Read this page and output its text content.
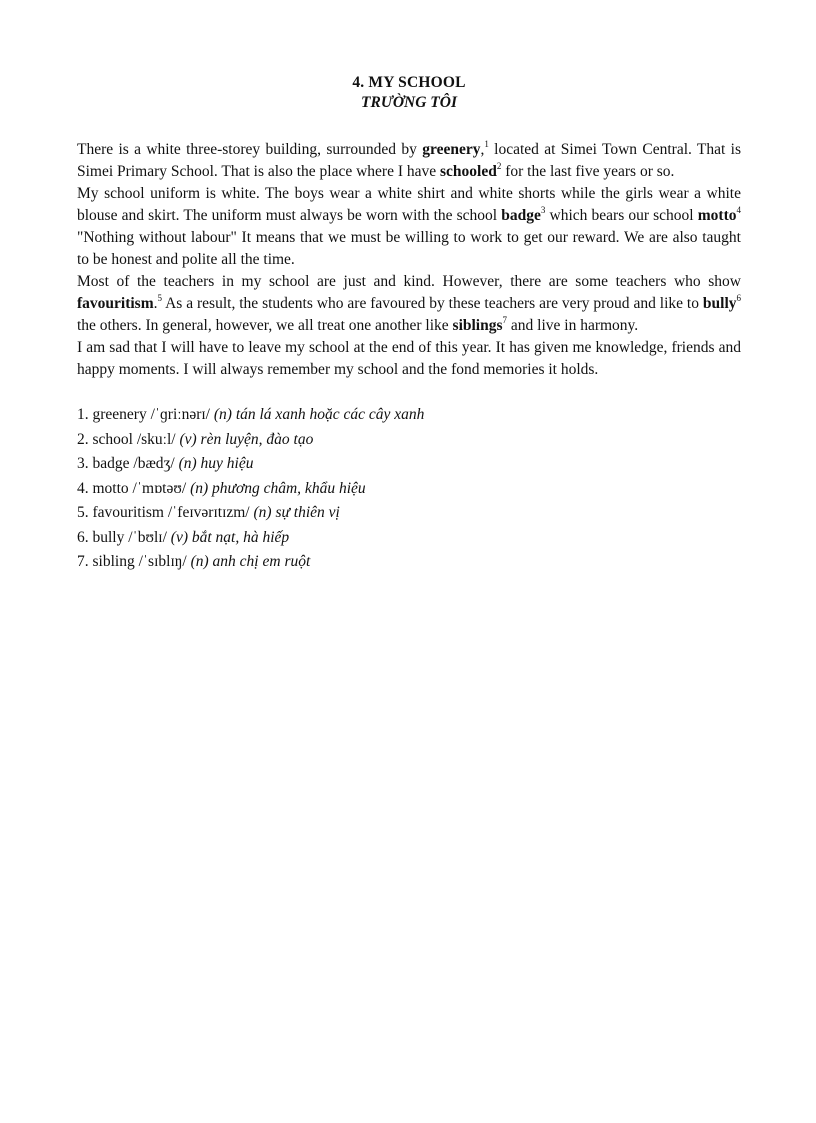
4. MY SCHOOL
TRƯỜNG TÔI

There is a white three-storey building, surrounded by greenery,$^1$ located at Simei Town Central. That is Simei Primary School. That is also the place where I have schooled$^2$ for the last five years or so.

My school uniform is white. The boys wear a white shirt and white shorts while the girls wear a white blouse and skirt. The uniform must always be worn with the school badge$^3$ which bears our school motto$^4$ "Nothing without labour" It means that we must be willing to work to get our reward. We are also taught to be honest and polite all the time.

Most of the teachers in my school are just and kind. However, there are some teachers who show favouritism.$^5$ As a result, the students who are favoured by these teachers are very proud and like to bully$^6$ the others. In general, however, we all treat one another like siblings$^7$ and live in harmony.

I am sad that I will have to leave my school at the end of this year. It has given me knowledge, friends and happy moments. I will always remember my school and the fond memories it holds.

1. greenery /ˈɡriːnərɪ/ (n) tán lá xanh hoặc các cây xanh
2. school /skuːl/ (v) rèn luyện, đào tạo
3. badge /bædʒ/ (n) huy hiệu
4. motto /ˈmɒtəʊ/ (n) phương châm, khẩu hiệu
5. favouritism /ˈfeɪvərɪtɪzm/ (n) sự thiên vị
6. bully /ˈbʊlɪ/ (v) bắt nạt, hà hiếp
7. sibling /ˈsɪblɪŋ/ (n) anh chị em ruột
